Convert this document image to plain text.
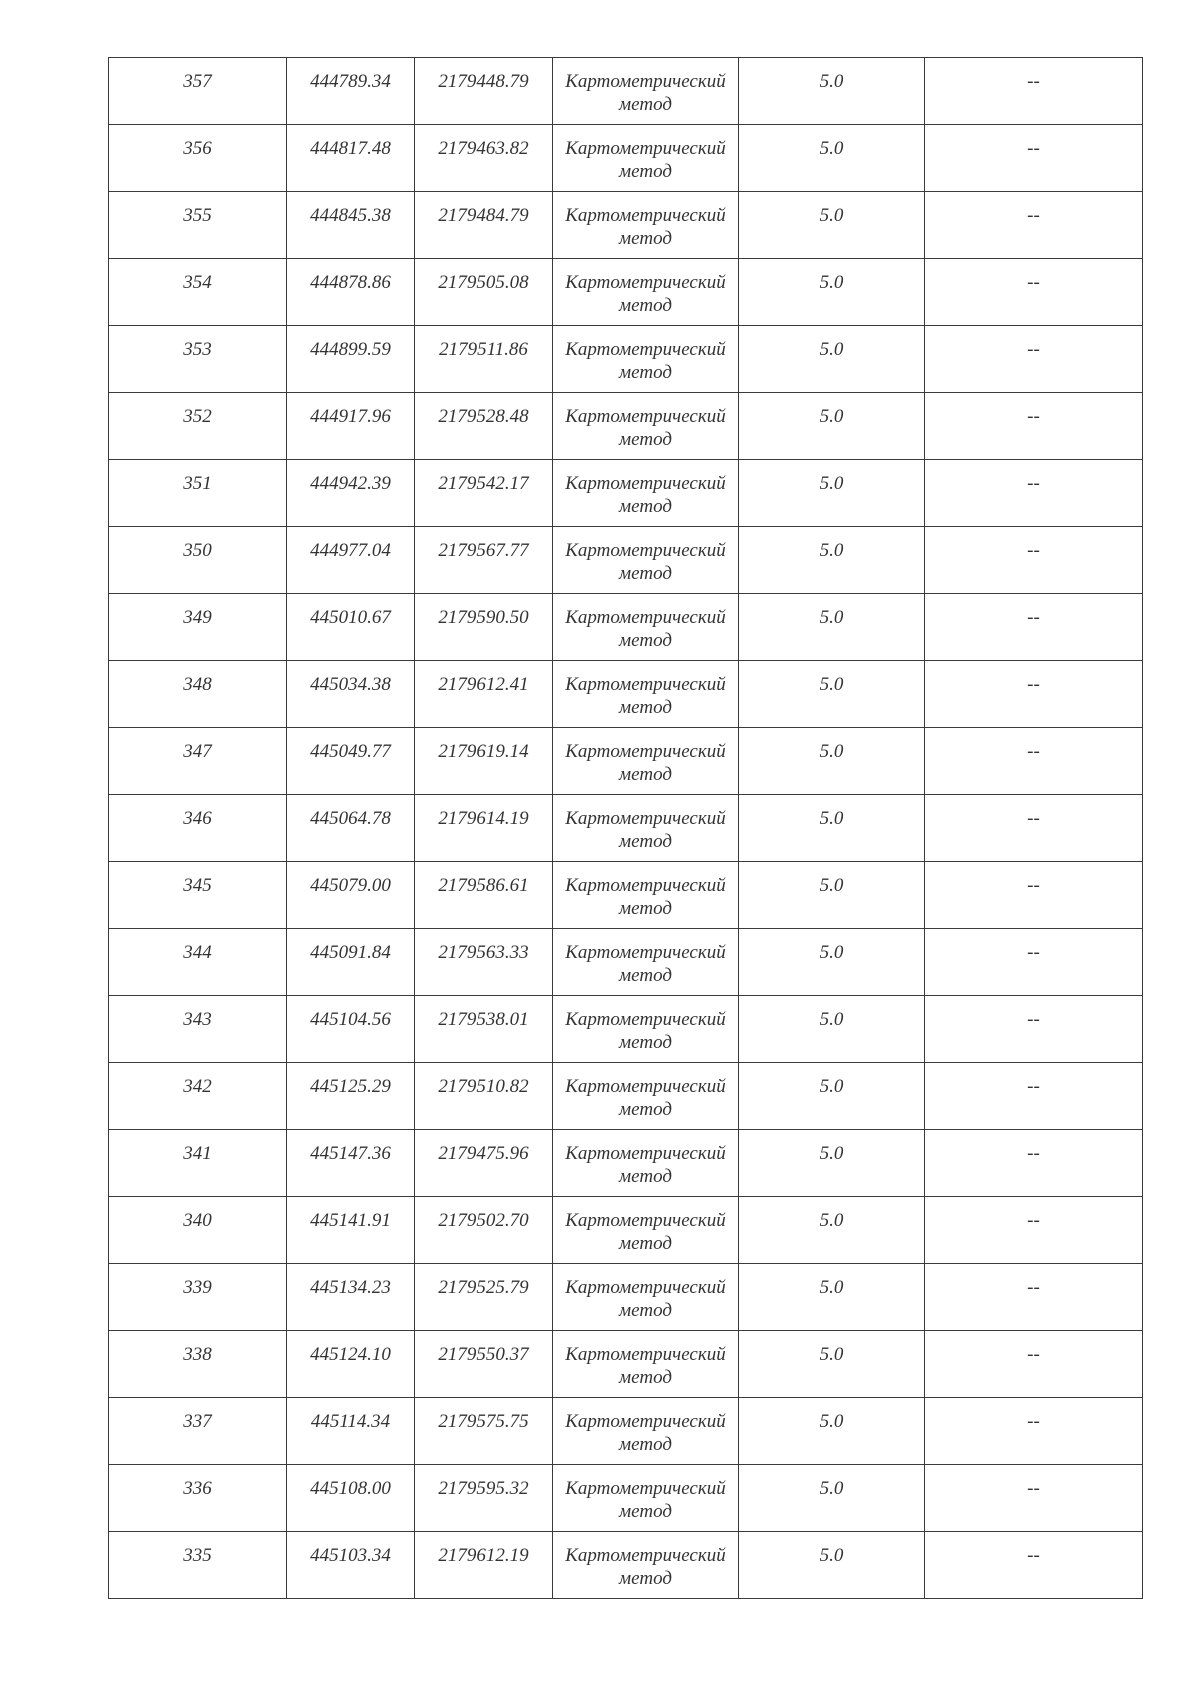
357	444789.34	2179448.79	Картометрический
метод	5.0	--

356	444817.48	2179463.82	Картометрический
метод	5.0	--

355	444845.38	2179484.79	Картометрический
метод	5.0	--

354	444878.86	2179505.08	Картометрический
метод	5.0	--

353	444899.59	2179511.86	Картометрический
метод	5.0	--

352	444917.96	2179528.48	Картометрический
метод	5.0	--

351	444942.39	2179542.17	Картометрический
метод	5.0	--

350	444977.04	2179567.77	Картометрический
метод	5.0	--

349	445010.67	2179590.50	Картометрический
метод	5.0	--

348	445034.38	2179612.41	Картометрический
метод	5.0	--

347	445049.77	2179619.14	Картометрический
метод	5.0	--

346	445064.78	2179614.19	Картометрический
метод	5.0	--

345	445079.00	2179586.61	Картометрический
метод	5.0	--

344	445091.84	2179563.33	Картометрический
метод	5.0	--

343	445104.56	2179538.01	Картометрический
метод	5.0	--

342	445125.29	2179510.82	Картометрический
метод	5.0	--

341	445147.36	2179475.96	Картометрический
метод	5.0	--

340	445141.91	2179502.70	Картометрический
метод	5.0	--

339	445134.23	2179525.79	Картометрический
метод	5.0	--

338	445124.10	2179550.37	Картометрический
метод	5.0	--

337	445114.34	2179575.75	Картометрический
метод	5.0	--

336	445108.00	2179595.32	Картометрический
метод	5.0	--

335	445103.34	2179612.19	Картометрический
метод	5.0	--
